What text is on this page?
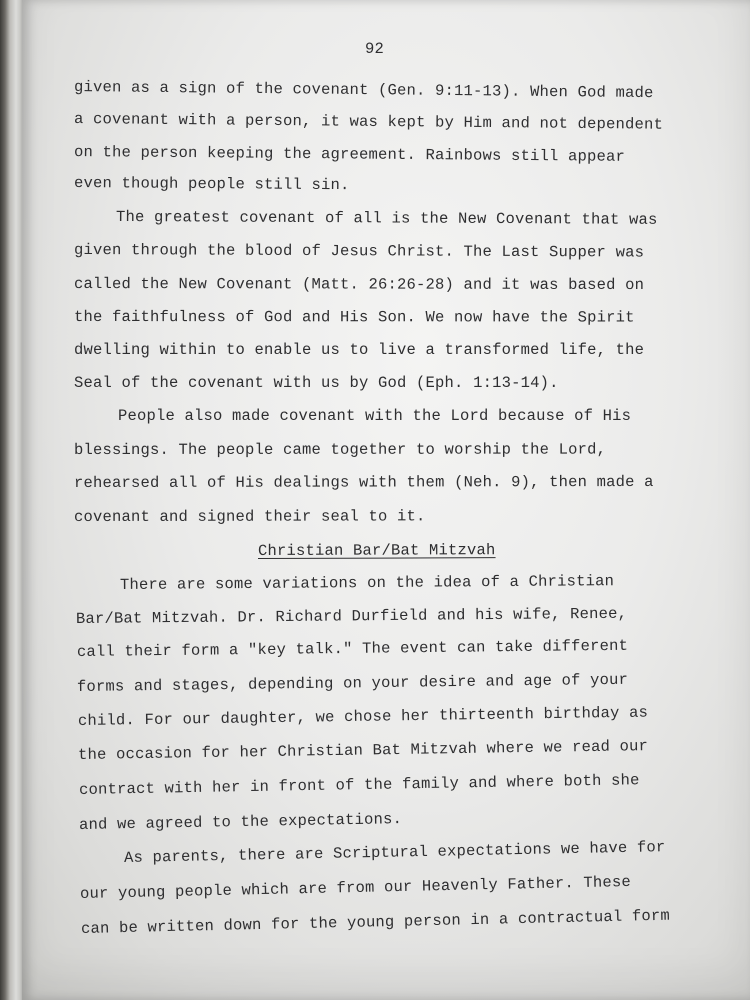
92
given as a sign of the covenant (Gen. 9:11-13). When God made
a covenant with a person, it was kept by Him and not dependent
on the person keeping the agreement. Rainbows still appear
even though people still sin.
The greatest covenant of all is the New Covenant that was
given through the blood of Jesus Christ. The Last Supper was
called the New Covenant (Matt. 26:26-28) and it was based on
the faithfulness of God and His Son. We now have the Spirit
dwelling within to enable us to live a transformed life, the
Seal of the covenant with us by God (Eph. 1:13-14).
People also made covenant with the Lord because of His
blessings. The people came together to worship the Lord,
rehearsed all of His dealings with them (Neh. 9), then made a
covenant and signed their seal to it.
Christian Bar/Bat Mitzvah
There are some variations on the idea of a Christian
Bar/Bat Mitzvah. Dr. Richard Durfield and his wife, Renee,
call their form a "key talk." The event can take different
forms and stages, depending on your desire and age of your
child. For our daughter, we chose her thirteenth birthday as
the occasion for her Christian Bat Mitzvah where we read our
contract with her in front of the family and where both she
and we agreed to the expectations.
As parents, there are Scriptural expectations we have for
our young people which are from our Heavenly Father. These
can be written down for the young person in a contractual form
